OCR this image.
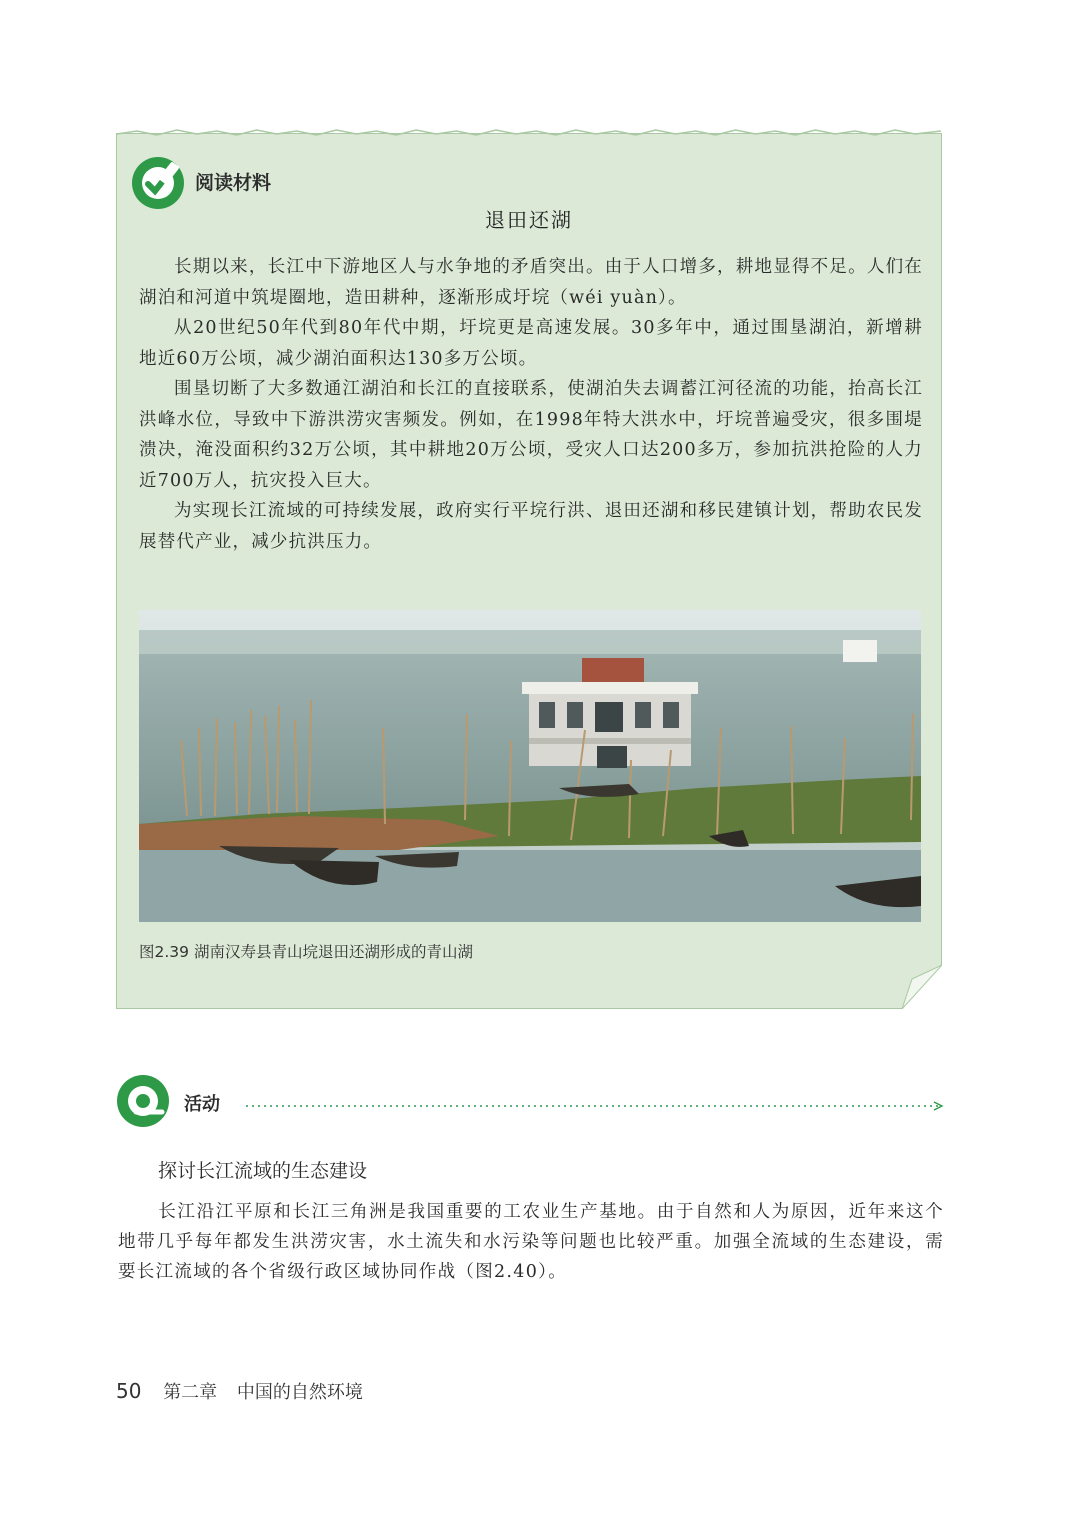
阅读材料
退田还湖

长期以来，长江中下游地区人与水争地的矛盾突出。由于人口增多，耕地显得不足。人们在湖泊和河道中筑堤圈地，造田耕种，逐渐形成圩垸（wéi yuàn）。

从20世纪50年代到80年代中期，圩垸更是高速发展。30多年中，通过围垦湖泊，新增耕地近60万公顷，减少湖泊面积达130多万公顷。

围垦切断了大多数通江湖泊和长江的直接联系，使湖泊失去调蓄江河径流的功能，抬高长江洪峰水位，导致中下游洪涝灾害频发。例如，在1998年特大洪水中，圩垸普遍受灾，很多围堤溃决，淹没面积约32万公顷，其中耕地20万公顷，受灾人口达200多万，参加抗洪抢险的人力近700万人，抗灾投入巨大。

为实现长江流域的可持续发展，政府实行平垸行洪、退田还湖和移民建镇计划，帮助农民发展替代产业，减少抗洪压力。

图2.39 湖南汉寿县青山垸退田还湖形成的青山湖
活动
探讨长江流域的生态建设

长江沿江平原和长江三角洲是我国重要的工农业生产基地。由于自然和人为原因，近年来这个地带几乎每年都发生洪涝灾害，水土流失和水污染等问题也比较严重。加强全流域的生态建设，需要长江流域的各个省级行政区域协同作战（图2.40）。

50 第二章 中国的自然环境
